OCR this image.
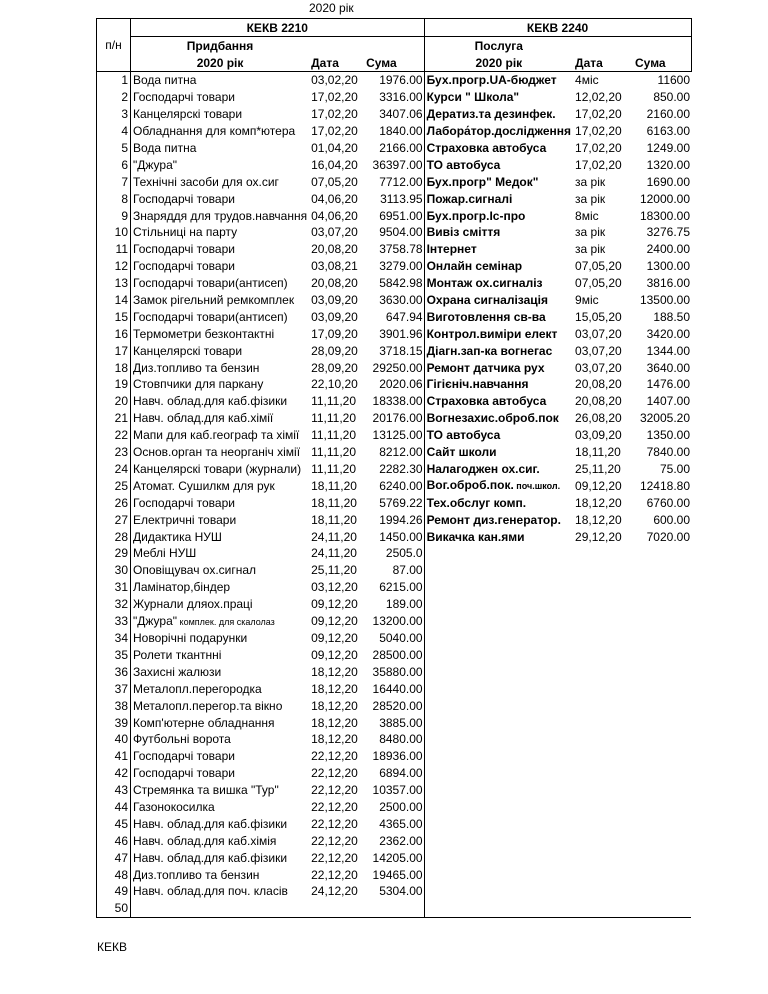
2020 рік
	КЕКВ 2210			КЕКВ 2240		
п/н	Придбання			Послуга		
	2020 рік	Дата	Сума	2020 рік	Дата	Сума
1	Вода питна	03,02,20	1976.00	Бух.прогр.UA-бюджет	4міс	11600
2	Господарчі товари	17,02,20	3316.00	Курси " Школа"	12,02,20	850.00
3	Канцелярскі товари	17,02,20	3407.06	Дератиз.та дезинфек.	17,02,20	2160.00
4	Обладнання для комп*ютера	17,02,20	1840.00	Лабора́тор.дослідження	17,02,20	6163.00
5	Вода питна	01,04,20	2166.00	Страховка автобуса	17,02,20	1249.00
6	"Джура"	16,04,20	36397.00	ТО автобуса	17,02,20	1320.00
7	Технічні засоби для ох.сиг	07,05,20	7712.00	Бух.прогр" Медок"	за рік	1690.00
8	Господарчі товари	04,06,20	3113.95	Пожар.сигналі	за рік	12000.00
9	Знаряддя для трудов.навчання	04,06,20	6951.00	Бух.прогр.Іс-про	8міс	18300.00
10	Стільниці на парту	03,07,20	9504.00	Вивіз сміття	за рік	3276.75
11	Господарчі товари	20,08,20	3758.78	Інтернет	за рік	2400.00
12	Господарчі товари	03,08,21	3279.00	Онлайн семінар	07,05,20	1300.00
13	Господарчі товари(антисеп)	20,08,20	5842.98	Монтаж ох.сигналіз	07,05,20	3816.00
14	Замок рігельний ремкомплек	03,09,20	3630.00	Охрана сигналізація	9міс	13500.00
15	Господарчі товари(антисеп)	03,09,20	647.94	Виготовлення св-ва	15,05,20	188.50
16	Термометри безконтактні	17,09,20	3901.96	Контрол.виміри елект	03,07,20	3420.00
17	Канцелярскі товари	28,09,20	3718.15	Діагн.зап-ка вогнегас	03,07,20	1344.00
18	Диз.топливо та бензин	28,09,20	29250.00	Ремонт датчика рух	03,07,20	3640.00
19	Стовпчики для паркану	22,10,20	2020.06	Гігієніч.навчання	20,08,20	1476.00
20	Навч. облад.для каб.фізики	11,11,20	18338.00	Страховка автобуса	20,08,20	1407.00
21	Навч. облад.для каб.хімії	11,11,20	20176.00	Вогнезахис.оброб.пок	26,08,20	32005.20
22	Мапи для каб.географ та хімії	11,11,20	13125.00	ТО автобуса	03,09,20	1350.00
23	Основ.орган та неорганіч хімії	11,11,20	8212.00	Сайт школи	18,11,20	7840.00
24	Канцелярскі товари (журнали)	11,11,20	2282.30	Налагоджен ох.сиг.	25,11,20	75.00
25	Атомат. Сушилкм для рук	18,11,20	6240.00	Вог.оброб.пок. поч.школ.	09,12,20	12418.80
26	Господарчі товари	18,11,20	5769.22	Тех.обслуг комп.	18,12,20	6760.00
27	Електричні товари	18,11,20	1994.26	Ремонт диз.генератор.	18,12,20	600.00
28	Дидактика НУШ	24,11,20	1450.00	Викачка кан.ями	29,12,20	7020.00
29	Меблі НУШ	24,11,20	2505.0			
30	Оповіщувач ох.сигнал	25,11,20	87.00			
31	Ламінатор,біндер	03,12,20	6215.00			
32	Журнали дляох.праці	09,12,20	189.00			
33	"Джура" комплек. для скалолаз	09,12,20	13200.00			
34	Новорічні подарунки	09,12,20	5040.00			
35	Ролети ткантнні	09,12,20	28500.00			
36	Захисні жалюзи	18,12,20	35880.00			
37	Металопл.перегородка	18,12,20	16440.00			
38	Металопл.перегор.та вікно	18,12,20	28520.00			
39	Комп'ютерне обладнання	18,12,20	3885.00			
40	Футбольні ворота	18,12,20	8480.00			
41	Господарчі товари	22,12,20	18936.00			
42	Господарчі товари	22,12,20	6894.00			
43	Стремянка та вишка "Тур"	22,12,20	10357.00			
44	Газонокосилка	22,12,20	2500.00			
45	Навч. облад.для каб.фізики	22,12,20	4365.00			
46	Навч. облад.для каб.хімія	22,12,20	2362.00			
47	Навч. облад.для каб.фізики	22,12,20	14205.00			
48	Диз.топливо та бензин	22,12,20	19465.00			
49	Навч. облад.для поч. класів	24,12,20	5304.00			
50						
КЕКВ
